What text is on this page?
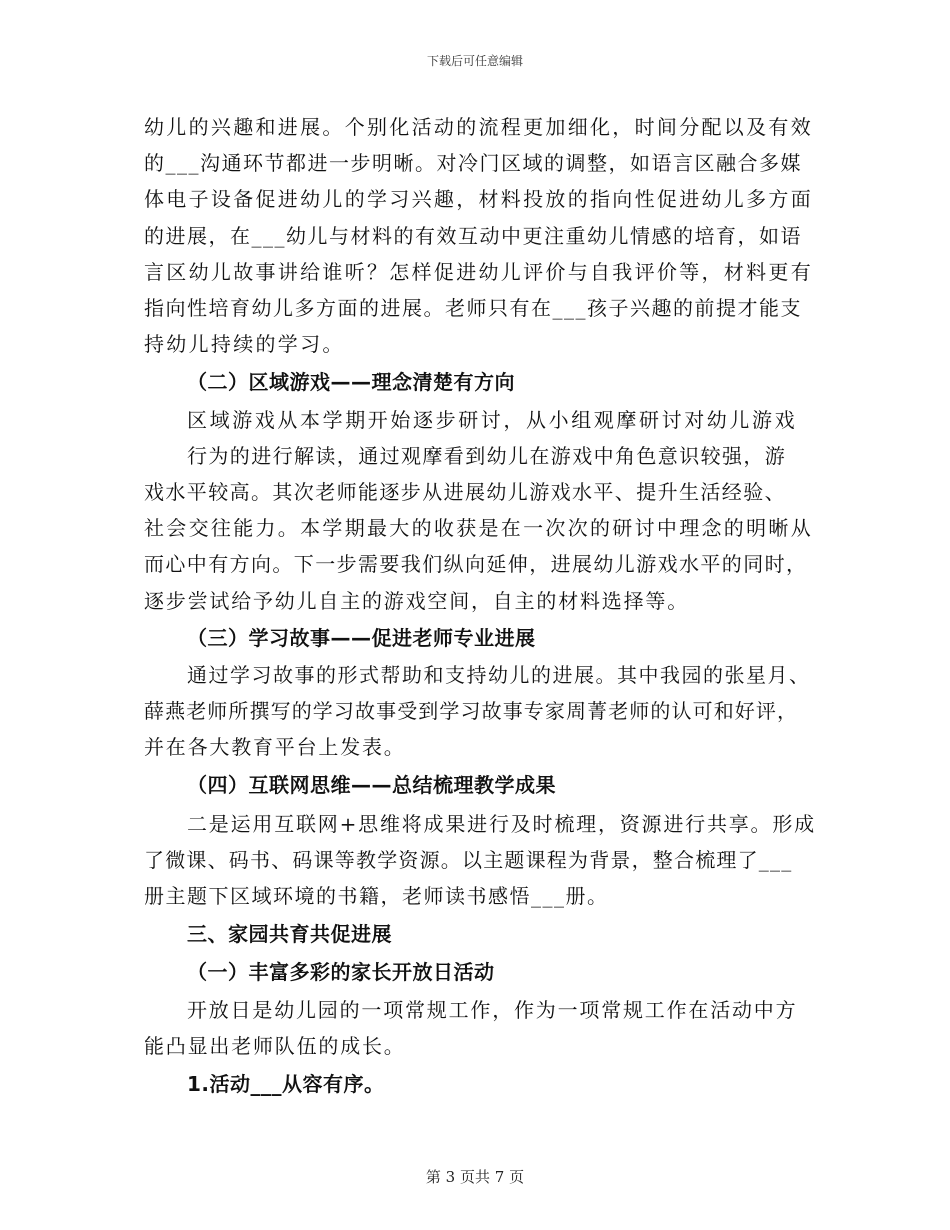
下载后可任意编辑
幼儿的兴趣和进展。个别化活动的流程更加细化，时间分配以及有效
的___沟通环节都进一步明晰。对冷门区域的调整，如语言区融合多媒
体电子设备促进幼儿的学习兴趣，材料投放的指向性促进幼儿多方面
的进展，在___幼儿与材料的有效互动中更注重幼儿情感的培育，如语
言区幼儿故事讲给谁听？怎样促进幼儿评价与自我评价等，材料更有
指向性培育幼儿多方面的进展。老师只有在___孩子兴趣的前提才能支
持幼儿持续的学习。
（二）区域游戏——理念清楚有方向
区域游戏从本学期开始逐步研讨，从小组观摩研讨对幼儿游戏
行为的进行解读，通过观摩看到幼儿在游戏中角色意识较强，游
戏水平较高。其次老师能逐步从进展幼儿游戏水平、提升生活经验、
社会交往能力。本学期最大的收获是在一次次的研讨中理念的明晰从
而心中有方向。下一步需要我们纵向延伸，进展幼儿游戏水平的同时，
逐步尝试给予幼儿自主的游戏空间，自主的材料选择等。
（三）学习故事——促进老师专业进展
通过学习故事的形式帮助和支持幼儿的进展。其中我园的张星月、
薛燕老师所撰写的学习故事受到学习故事专家周菁老师的认可和好评，
并在各大教育平台上发表。
（四）互联网思维——总结梳理教学成果
二是运用互联网+思维将成果进行及时梳理，资源进行共享。形成
了微课、码书、码课等教学资源。以主题课程为背景，整合梳理了___
册主题下区域环境的书籍，老师读书感悟___册。
三、家园共育共促进展
（一）丰富多彩的家长开放日活动
开放日是幼儿园的一项常规工作，作为一项常规工作在活动中方
能凸显出老师队伍的成长。
1.活动___从容有序。
第 3 页共 7 页
